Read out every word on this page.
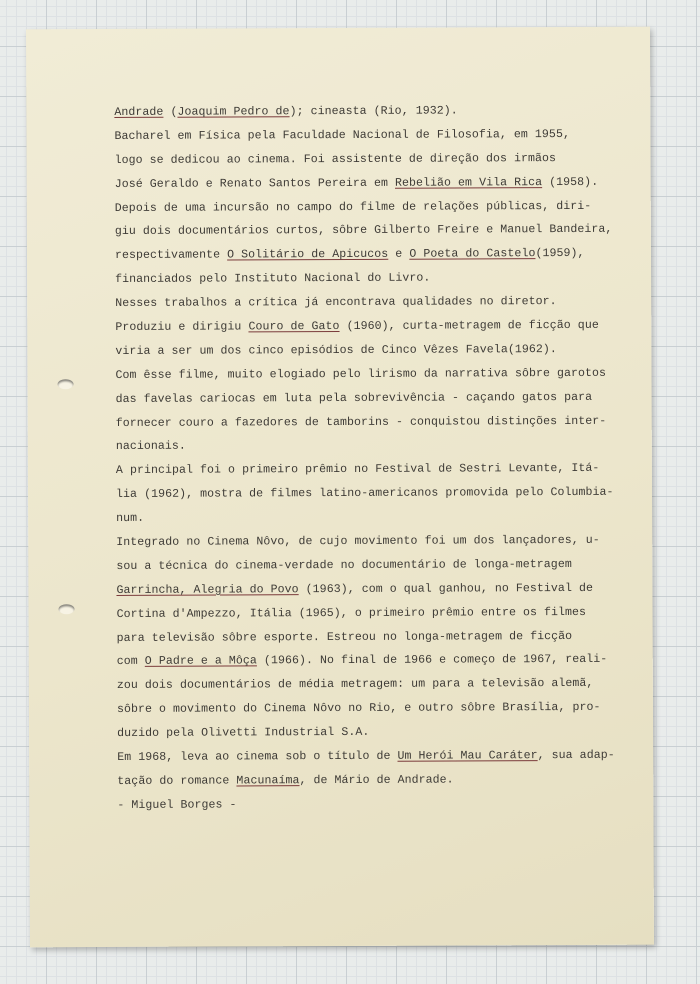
Andrade (Joaquim Pedro de); cineasta (Rio, 1932).
Bacharel em Física pela Faculdade Nacional de Filosofia, em 1955,
logo se dedicou ao cinema. Foi assistente de direção dos irmãos
José Geraldo e Renato Santos Pereira em Rebelião em Vila Rica (1958).
Depois de uma incursão no campo do filme de relações públicas, diri-
giu dois documentários curtos, sôbre Gilberto Freire e Manuel Bandeira,
respectivamente O Solitário de Apicucos e O Poeta do Castelo(1959),
financiados pelo Instituto Nacional do Livro.
Nesses trabalhos a crítica já encontrava qualidades no diretor.
Produziu e dirigiu Couro de Gato (1960), curta-metragem de ficção que
viria a ser um dos cinco episódios de Cinco Vêzes Favela(1962).
Com êsse filme, muito elogiado pelo lirismo da narrativa sôbre garotos
das favelas cariocas em luta pela sobrevivência - caçando gatos para
fornecer couro a fazedores de tamborins - conquistou distinções inter-
nacionais.
A principal foi o primeiro prêmio no Festival de Sestri Levante, Itá-
lia (1962), mostra de filmes latino-americanos promovida pelo Columbia-
num.
Integrado no Cinema Nôvo, de cujo movimento foi um dos lançadores, u-
sou a técnica do cinema-verdade no documentário de longa-metragem
Garrincha, Alegria do Povo (1963), com o qual ganhou, no Festival de
Cortina d'Ampezzo, Itália (1965), o primeiro prêmio entre os filmes
para televisão sôbre esporte. Estreou no longa-metragem de ficção
com O Padre e a Môça (1966). No final de 1966 e começo de 1967, reali-
zou dois documentários de média metragem: um para a televisão alemã,
sôbre o movimento do Cinema Nôvo no Rio, e outro sôbre Brasília, pro-
duzido pela Olivetti Industrial S.A.
Em 1968, leva ao cinema sob o título de Um Herói Mau Caráter, sua adap-
tação do romance Macunaíma, de Mário de Andrade.
- Miguel Borges -
